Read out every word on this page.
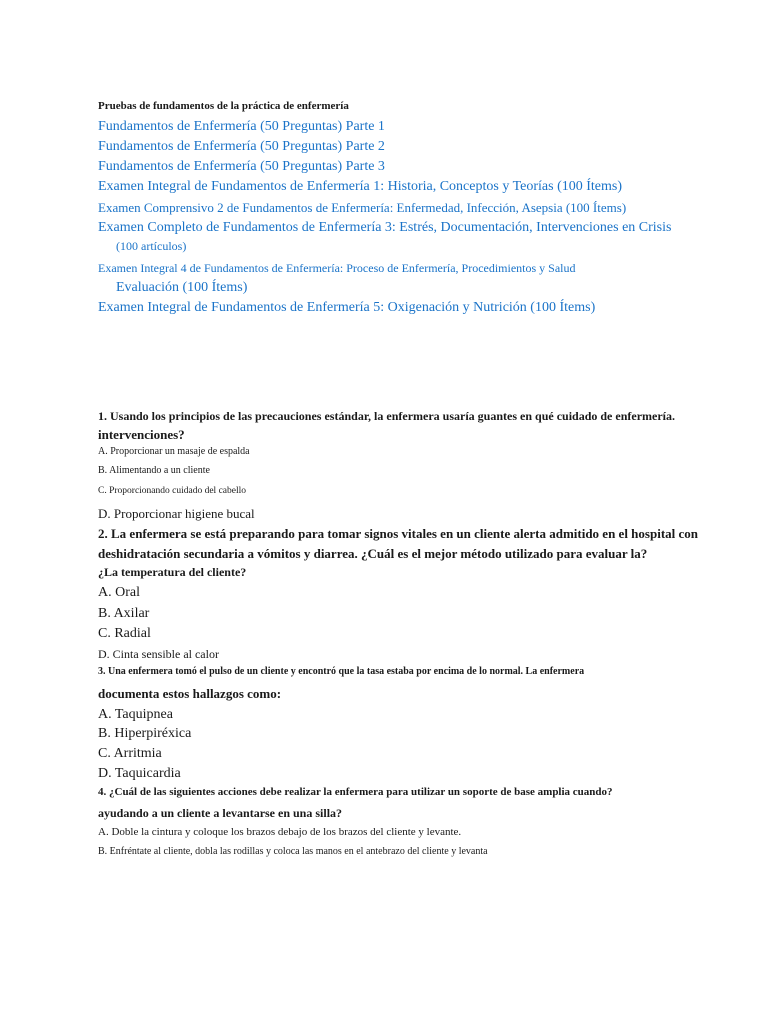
Pruebas de fundamentos de la práctica de enfermería
Fundamentos de Enfermería (50 Preguntas) Parte 1
Fundamentos de Enfermería (50 Preguntas) Parte 2
Fundamentos de Enfermería (50 Preguntas) Parte 3
Examen Integral de Fundamentos de Enfermería 1: Historia, Conceptos y Teorías (100 Ítems)
Examen Comprensivo 2 de Fundamentos de Enfermería: Enfermedad, Infección, Asepsia (100 Ítems)
Examen Completo de Fundamentos de Enfermería 3: Estrés, Documentación, Intervenciones en Crisis
(100 artículos)
Examen Integral 4 de Fundamentos de Enfermería: Proceso de Enfermería, Procedimientos y Salud
Evaluación (100 Ítems)
Examen Integral de Fundamentos de Enfermería 5: Oxigenación y Nutrición (100 Ítems)
1. Usando los principios de las precauciones estándar, la enfermera usaría guantes en qué cuidado de enfermería.
intervenciones?
A. Proporcionar un masaje de espalda
B. Alimentando a un cliente
C. Proporcionando cuidado del cabello
D. Proporcionar higiene bucal
2. La enfermera se está preparando para tomar signos vitales en un cliente alerta admitido en el hospital con
deshidratación secundaria a vómitos y diarrea. ¿Cuál es el mejor método utilizado para evaluar la?
¿La temperatura del cliente?
A. Oral
B. Axilar
C. Radial
D. Cinta sensible al calor
3. Una enfermera tomó el pulso de un cliente y encontró que la tasa estaba por encima de lo normal. La enfermera
documenta estos hallazgos como:
A. Taquipnea
B. Hiperpiréxica
C. Arritmia
D. Taquicardia
4. ¿Cuál de las siguientes acciones debe realizar la enfermera para utilizar un soporte de base amplia cuando?
ayudando a un cliente a levantarse en una silla?
A. Doble la cintura y coloque los brazos debajo de los brazos del cliente y levante.
B. Enfréntate al cliente, dobla las rodillas y coloca las manos en el antebrazo del cliente y levanta
